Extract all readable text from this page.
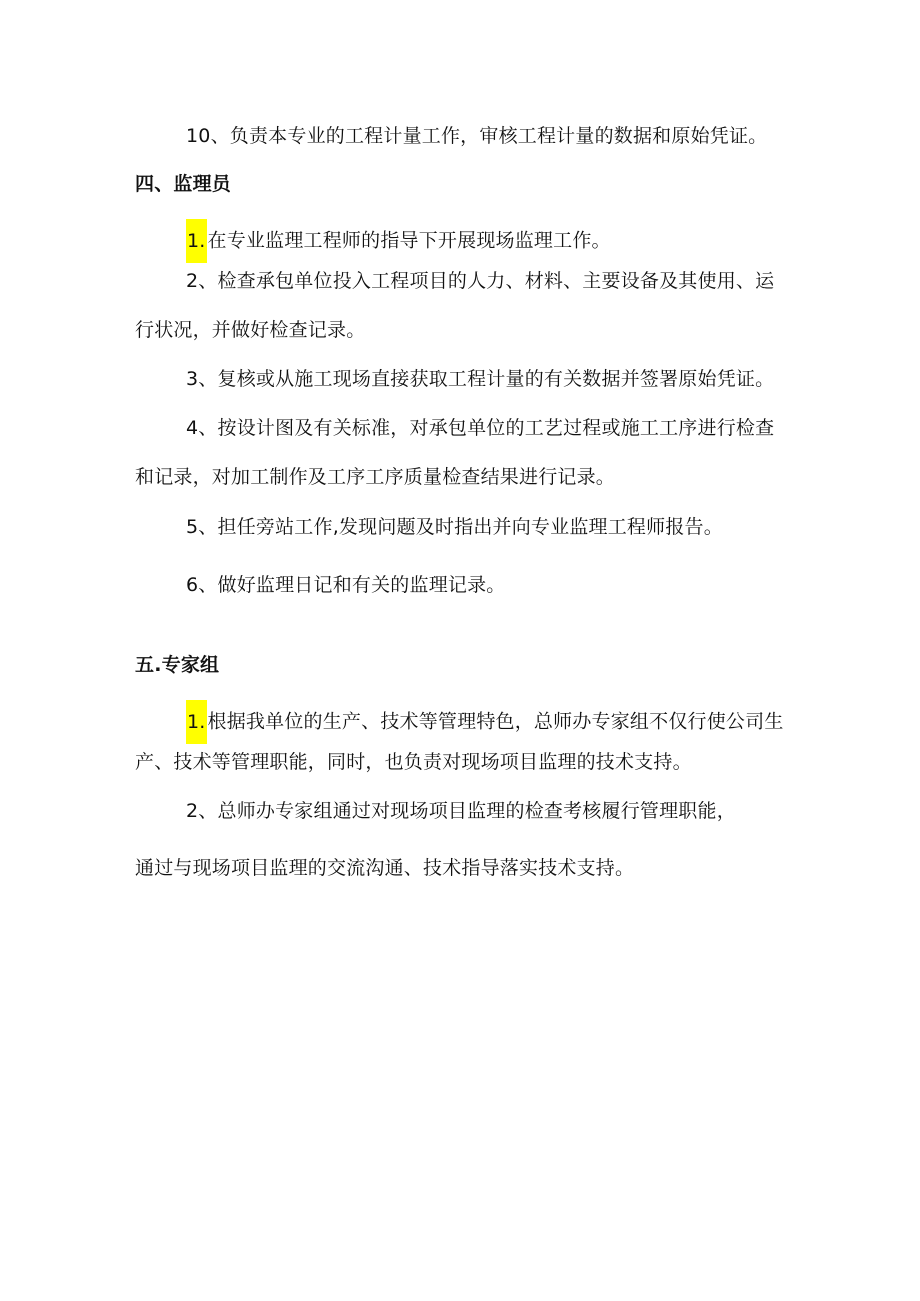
10、负责本专业的工程计量工作，审核工程计量的数据和原始凭证。
四、监理员
1. 在专业监理工程师的指导下开展现场监理工作。
2、检查承包单位投入工程项目的人力、材料、主要设备及其使用、运
行状况，并做好检查记录。
3、复核或从施工现场直接获取工程计量的有关数据并签署原始凭证。
4、按设计图及有关标准，对承包单位的工艺过程或施工工序进行检查
和记录，对加工制作及工序工序质量检查结果进行记录。
5、担任旁站工作,发现问题及时指出并向专业监理工程师报告。
6、做好监理日记和有关的监理记录。
五.专家组
1. 根据我单位的生产、技术等管理特色，总师办专家组不仅行使公司生
产、技术等管理职能，同时，也负责对现场项目监理的技术支持。
2、总师办专家组通过对现场项目监理的检查考核履行管理职能，
通过与现场项目监理的交流沟通、技术指导落实技术支持。
